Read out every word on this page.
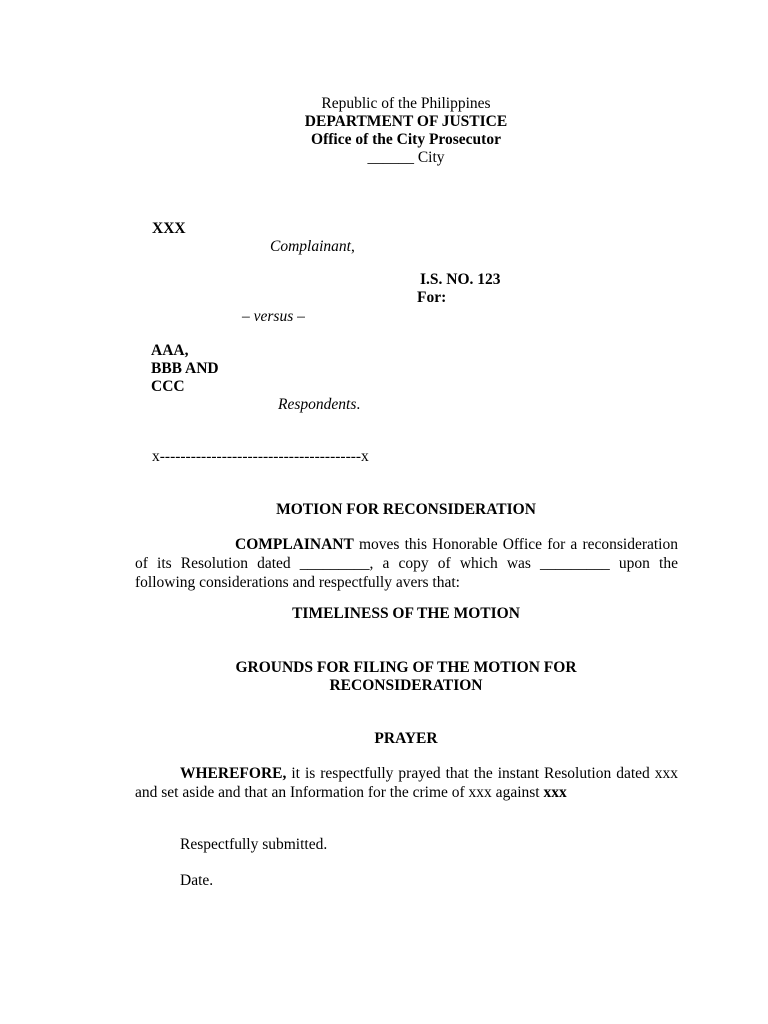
Republic of the Philippines
DEPARTMENT OF JUSTICE
Office of the City Prosecutor
______ City
XXX
Complainant,
I.S. NO. 123
For:
– versus –
AAA,
BBB AND
CCC
Respondents.
x---------------------------------------x
MOTION FOR RECONSIDERATION
COMPLAINANT moves this Honorable Office for a reconsideration of its Resolution dated _________, a copy of which was _________ upon the following considerations and respectfully avers that:
TIMELINESS OF THE MOTION
GROUNDS FOR FILING OF THE MOTION FOR
RECONSIDERATION
PRAYER
WHEREFORE, it is respectfully prayed that the instant Resolution dated xxx and set aside and that an Information for the crime of xxx against xxx
Respectfully submitted.
Date.
